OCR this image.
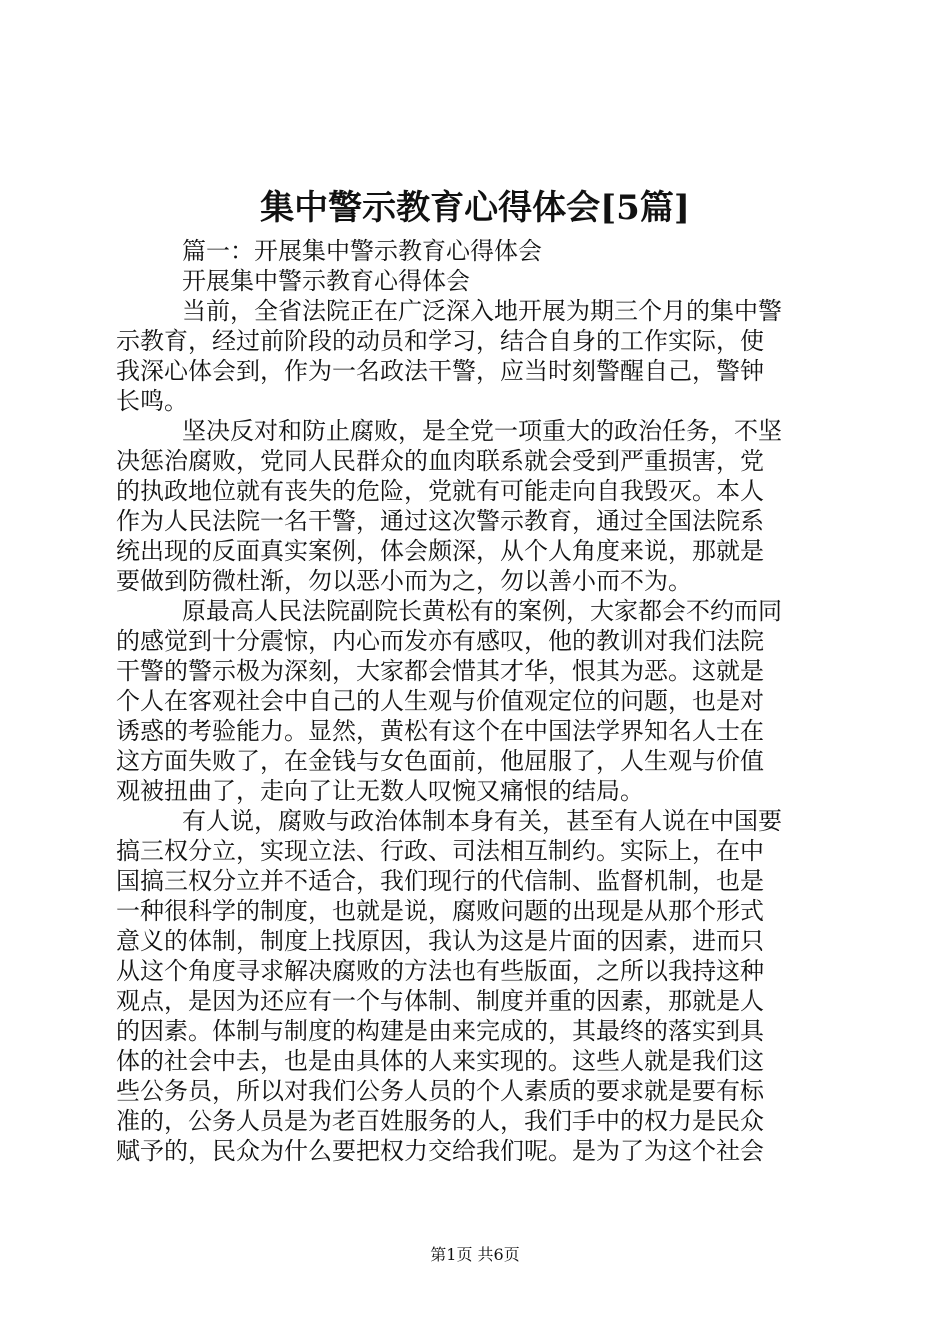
集中警示教育心得体会[5篇]

篇一：开展集中警示教育心得体会

开展集中警示教育心得体会

当前，全省法院正在广泛深入地开展为期三个月的集中警

示教育，经过前阶段的动员和学习，结合自身的工作实际，使

我深心体会到，作为一名政法干警，应当时刻警醒自己，警钟

长鸣。

坚决反对和防止腐败，是全党一项重大的政治任务，不坚

决惩治腐败，党同人民群众的血肉联系就会受到严重损害，党

的执政地位就有丧失的危险，党就有可能走向自我毁灭。本人

作为人民法院一名干警，通过这次警示教育，通过全国法院系

统出现的反面真实案例，体会颇深，从个人角度来说，那就是

要做到防微杜渐，勿以恶小而为之，勿以善小而不为。

原最高人民法院副院长黄松有的案例，大家都会不约而同

的感觉到十分震惊，内心而发亦有感叹，他的教训对我们法院

干警的警示极为深刻，大家都会惜其才华，恨其为恶。这就是

个人在客观社会中自己的人生观与价值观定位的问题，也是对

诱惑的考验能力。显然，黄松有这个在中国法学界知名人士在

这方面失败了，在金钱与女色面前，他屈服了，人生观与价值

观被扭曲了，走向了让无数人叹惋又痛恨的结局。

有人说，腐败与政治体制本身有关，甚至有人说在中国要

搞三权分立，实现立法、行政、司法相互制约。实际上，在中

国搞三权分立并不适合，我们现行的代信制、监督机制，也是

一种很科学的制度，也就是说，腐败问题的出现是从那个形式

意义的体制，制度上找原因，我认为这是片面的因素，进而只

从这个角度寻求解决腐败的方法也有些版面，之所以我持这种

观点，是因为还应有一个与体制、制度并重的因素，那就是人

的因素。体制与制度的构建是由来完成的，其最终的落实到具

体的社会中去，也是由具体的人来实现的。这些人就是我们这

些公务员，所以对我们公务人员的个人素质的要求就是要有标

准的，公务人员是为老百姓服务的人，我们手中的权力是民众

赋予的，民众为什么要把权力交给我们呢。是为了为这个社会

第1页 共6页
